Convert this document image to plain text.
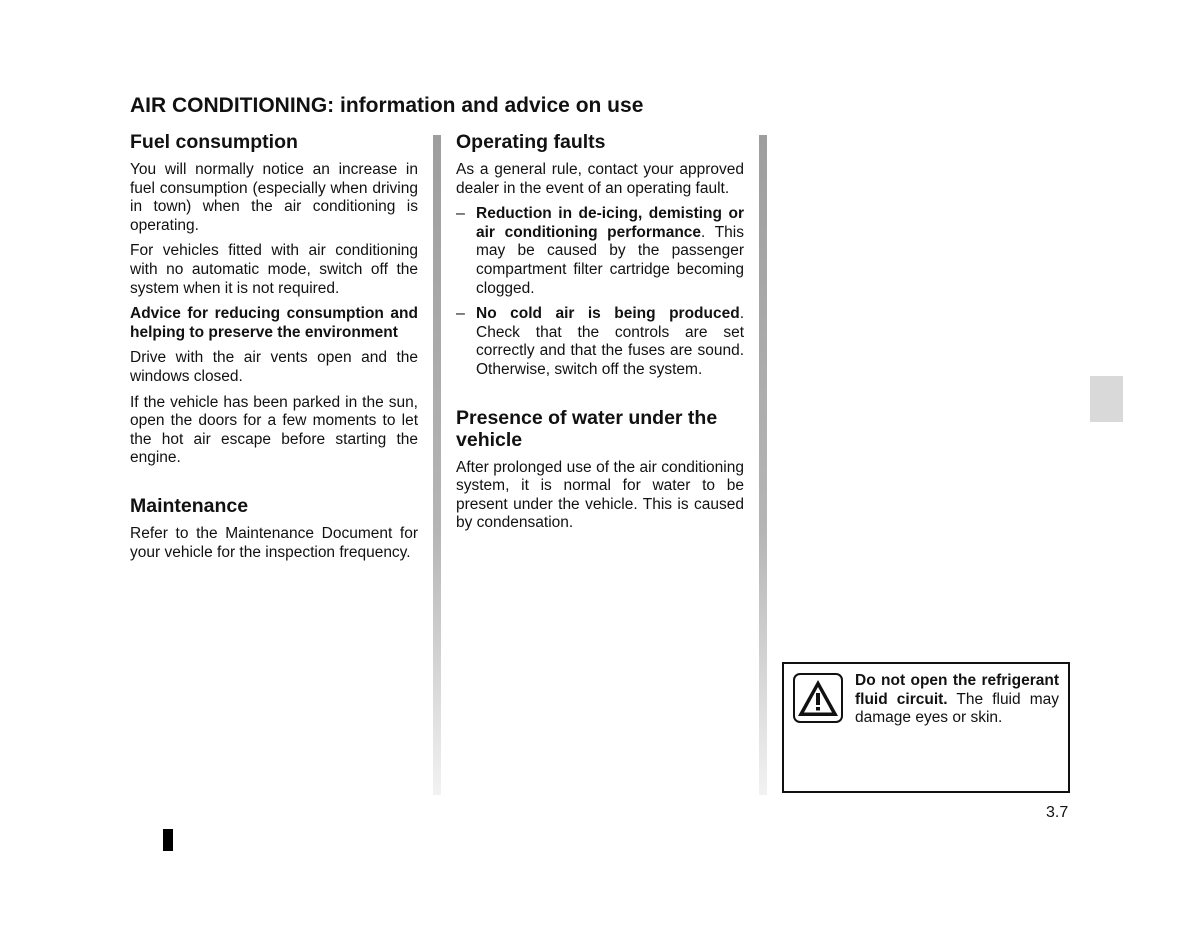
AIR CONDITIONING: information and advice on use
Fuel consumption

You will normally notice an increase in fuel consumption (especially when driving in town) when the air conditioning is operating.

For vehicles fitted with air conditioning with no automatic mode, switch off the system when it is not required.

Advice for reducing consumption and helping to preserve the environment

Drive with the air vents open and the windows closed.

If the vehicle has been parked in the sun, open the doors for a few moments to let the hot air escape before starting the engine.

Maintenance

Refer to the Maintenance Document for your vehicle for the inspection frequency.

Operating faults

As a general rule, contact your approved dealer in the event of an operating fault.

– Reduction in de-icing, demisting or air conditioning performance. This may be caused by the passenger compartment filter cartridge becoming clogged.

– No cold air is being produced. Check that the controls are set correctly and that the fuses are sound. Otherwise, switch off the system.

Presence of water under the vehicle

After prolonged use of the air conditioning system, it is normal for water to be present under the vehicle. This is caused by condensation.

Do not open the refrigerant fluid circuit. The fluid may damage eyes or skin.

3.7
